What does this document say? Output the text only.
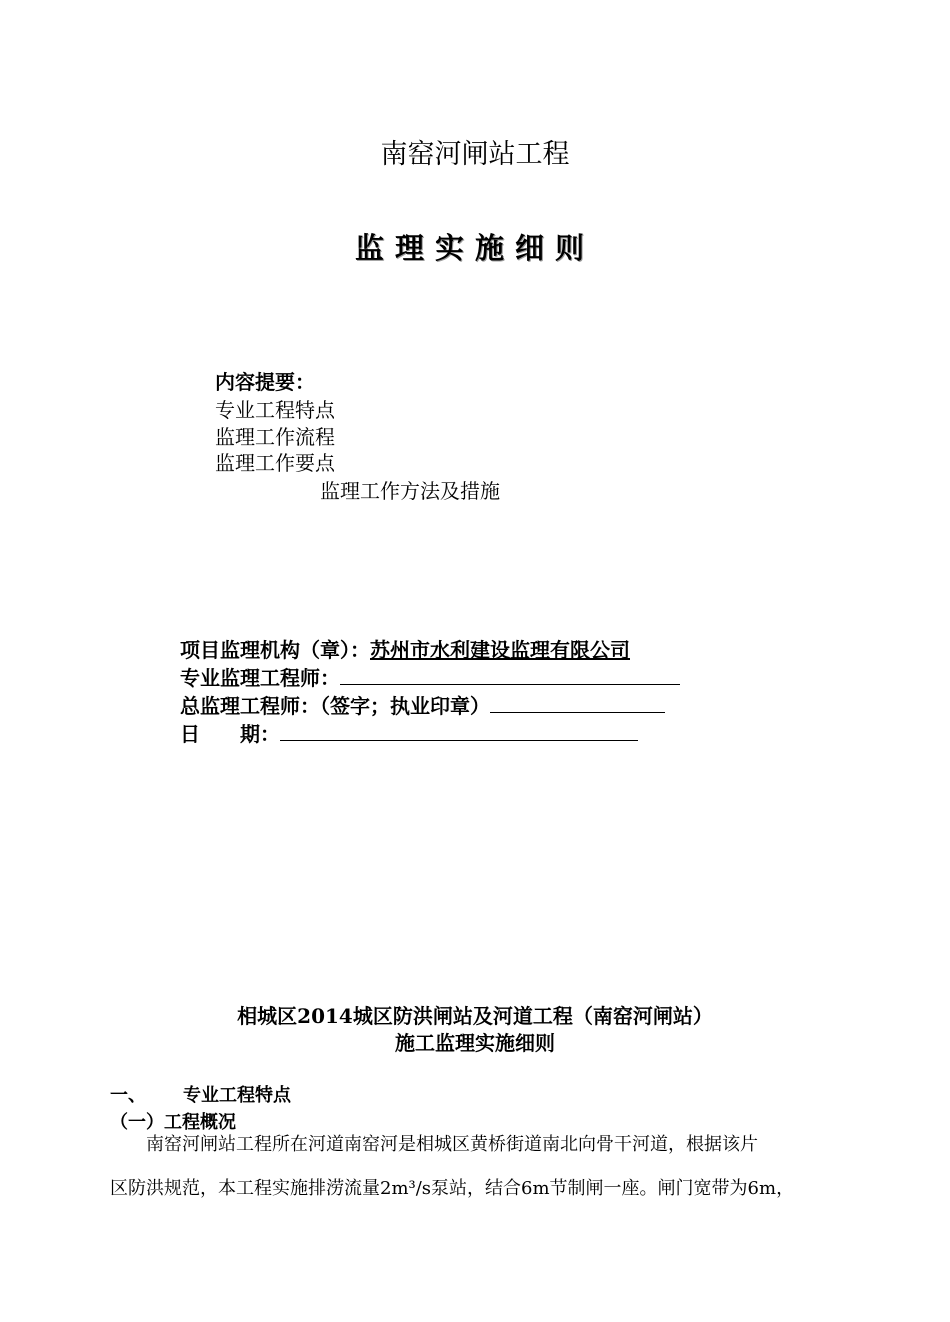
南窑河闸站工程
监理实施细则
内容提要：
专业工程特点
监理工作流程
监理工作要点
监理工作方法及措施
项目监理机构（章）：苏州市水利建设监理有限公司
专业监理工程师：
总监理工程师：（签字；执业印章）
日　　期：
相城区2014城区防洪闸站及河道工程（南窑河闸站）
施工监理实施细则
一、 专业工程特点
（一）工程概况
南窑河闸站工程所在河道南窑河是相城区黄桥街道南北向骨干河道，根据该片
区防洪规范，本工程实施排涝流量2m³/s泵站，结合6m节制闸一座。闸门宽带为6m，
